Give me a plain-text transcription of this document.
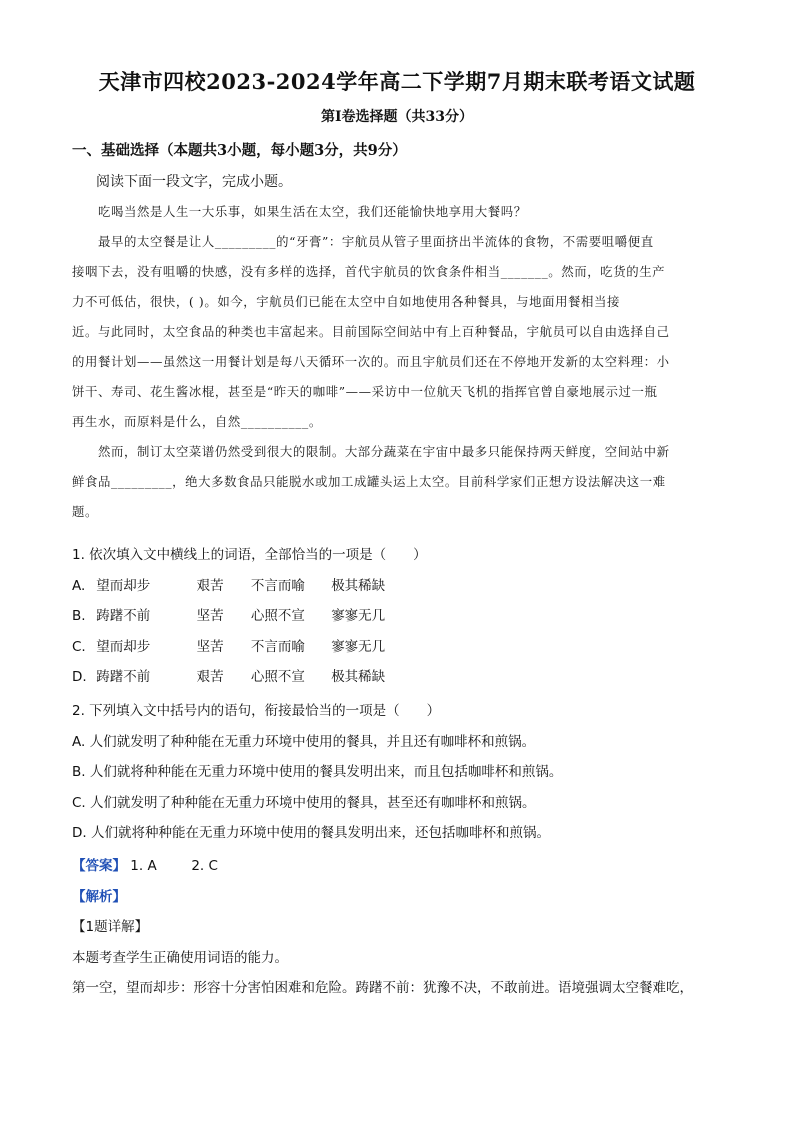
天津市四校2023-2024学年高二下学期7月期末联考语文试题
第Ⅰ卷选择题（共33分）
一、基础选择（本题共3小题，每小题3分，共9分）
阅读下面一段文字，完成小题。
吃喝当然是人生一大乐事，如果生活在太空，我们还能愉快地享用大餐吗？
最早的太空餐是让人_________的“牙膏”：宇航员从管子里面挤出半流体的食物，不需要咀嚼便直
接咽下去，没有咀嚼的快感，没有多样的选择，首代宇航员的饮食条件相当_______。然而，吃货的生产
力不可低估，很快，( )。如今，宇航员们已能在太空中自如地使用各种餐具，与地面用餐相当接
近。与此同时，太空食品的种类也丰富起来。目前国际空间站中有上百种餐品，宇航员可以自由选择自己
的用餐计划——虽然这一用餐计划是每八天循环一次的。而且宇航员们还在不停地开发新的太空料理：小
饼干、寿司、花生酱冰棍，甚至是“昨天的咖啡”——采访中一位航天飞机的指挥官曾自豪地展示过一瓶
再生水，而原料是什么，自然__________。
然而，制订太空菜谱仍然受到很大的限制。大部分蔬菜在宇宙中最多只能保持两天鲜度，空间站中新
鲜食品_________，绝大多数食品只能脱水或加工成罐头运上太空。目前科学家们正想方设法解决这一难
题。
1. 依次填入文中横线上的词语，全部恰当的一项是（　　）
A. 望而却步	艰苦 不言而喻 极其稀缺
B. 踌躇不前	坚苦 心照不宣 寥寥无几
C. 望而却步	坚苦 不言而喻 寥寥无几
D. 踌躇不前	艰苦 心照不宣 极其稀缺
2. 下列填入文中括号内的语句，衔接最恰当的一项是（　　）
A. 人们就发明了种种能在无重力环境中使用的餐具，并且还有咖啡杯和煎锅。
B. 人们就将种种能在无重力环境中使用的餐具发明出来，而且包括咖啡杯和煎锅。
C. 人们就发明了种种能在无重力环境中使用的餐具，甚至还有咖啡杯和煎锅。
D. 人们就将种种能在无重力环境中使用的餐具发明出来，还包括咖啡杯和煎锅。
【答案】 1. A	2. C
【解析】
【1题详解】
本题考查学生正确使用词语的能力。
第一空，望而却步：形容十分害怕困难和危险。踌躇不前：犹豫不决，不敢前进。语境强调太空餐难吃，
